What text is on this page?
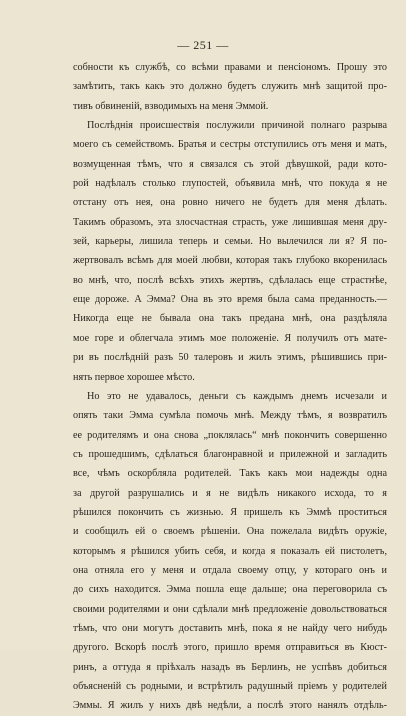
— 251 —
собности къ службѣ, со всѣми правами и пенсіономъ. Прошу это
замѣтить, такъ какъ это должно будетъ служить мнѣ защитой про-
тивъ обвиненій, взводимыхъ на меня Эммой.
Послѣднія происшествія послужили причиной полнаго разрыва
моего съ семействомъ. Братья и сестры отступились отъ меня и мать,
возмущенная тѣмъ, что я связался съ этой дѣвушкой, ради кото-
рой надѣлалъ столько глупостей, объявила мнѣ, что покуда я не
отстану отъ нея, она ровно ничего не будетъ для меня дѣлать.
Такимъ образомъ, эта злосчастная страсть, уже лишившая меня дру-
зей, карьеры, лишила теперь и семьи. Но вылечился ли я? Я по-
жертвовалъ всѣмъ для моей любви, которая такъ глубоко вкоренилась
во мнѣ, что, послѣ всѣхъ этихъ жертвъ, сдѣлалась еще страстнѣе,
еще дороже. А Эмма? Она въ это время была сама преданность.—
Никогда еще не бывала она такъ предана мнѣ, она раздѣляла
мое горе и облегчала этимъ мое положеніе. Я получилъ отъ мате-
ри въ послѣдній разъ 50 талеровъ и жилъ этимъ, рѣшившись при-
нять первое хорошее мѣсто.
Но это не удавалось, деньги съ каждымъ днемъ исчезали и
опять таки Эмма сумѣла помочь мнѣ. Между тѣмъ, я возвратилъ
ее родителямъ и она снова „поклялась“ мнѣ покончить совершенно
съ прошедшимъ, сдѣлаться благонравной и прилежной и загладить
все, чѣмъ оскорбляла родителей. Такъ какъ мои надежды одна
за другой разрушались и я не видѣлъ никакого исхода, то я
рѣшился покончить съ жизнью. Я пришелъ къ Эммѣ проститься
и сообщилъ ей о своемъ рѣшеніи. Она пожелала видѣть оружіе,
которымъ я рѣшился убить себя, и когда я показалъ ей пистолетъ,
она отняла его у меня и отдала своему отцу, у котораго онъ и
до сихъ находится. Эмма пошла еще дальше; она переговорила съ
своими родителями и они сдѣлали мнѣ предложеніе довольствоваться
тѣмъ, что они могутъ доставить мнѣ, пока я не найду чего нибудь
другого. Вскорѣ послѣ этого, пришло время отправиться въ Кюст-
ринъ, а оттуда я пріѣхалъ назадъ въ Берлинъ, не успѣвъ добиться
объясненій съ родными, и встрѣтилъ радушный пріемъ у родителей
Эммы. Я жилъ у нихъ двѣ недѣли, а послѣ этого нанялъ отдѣль-
